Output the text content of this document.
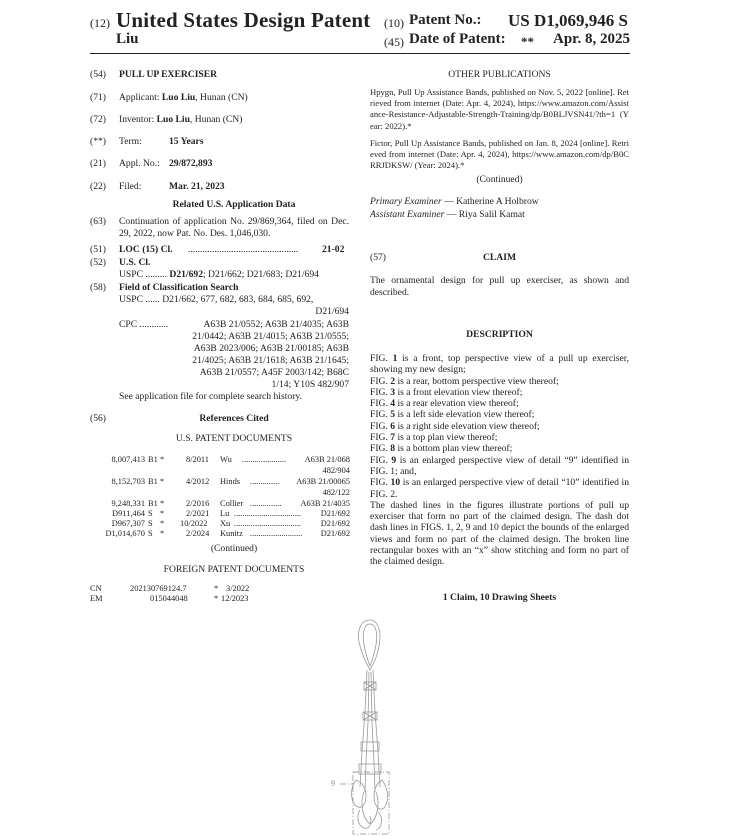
(12) United States Design Patent
Liu
(10) Patent No.: US D1,069,946 S
(45) Date of Patent: ** Apr. 8, 2025
(54) PULL UP EXERCISER
(71) Applicant: Luo Liu, Hunan (CN)
(72) Inventor: Luo Liu, Hunan (CN)
(**) Term:	15 Years
(21) Appl. No.: 29/872,893
(22) Filed:	Mar. 21, 2023
Related U.S. Application Data
(63) Continuation of application No. 29/869,364, filed on Dec. 29, 2022, now Pat. No. Des. 1,046,030.
(51) LOC (15) Cl. .............................................. 21-02
(52) U.S. Cl.
USPC ......... D21/692; D21/662; D21/683; D21/694
(58) Field of Classification Search
USPC ...... D21/662, 677, 682, 683, 684, 685, 692,
D21/694
CPC ............	A63B 21/0552; A63B 21/4035; A63B
21/0442; A63B 21/4015; A63B 21/0555;
A63B 2023/006; A63B 21/00185; A63B
21/4025; A63B 21/1618; A63B 21/1645;
A63B 21/0557; A45F 2003/142; B68C
1/14; Y10S 482/907
See application file for complete search history.
(56)	References Cited
U.S. PATENT DOCUMENTS
8,007,413 B1 *	8/2011 Wu ..................... A63B 21/068
482/904
8,152,703 B1 *	4/2012 Hinds .............. A63B 21/00065
482/122
9,248,331 B1 *	2/2016 Collier ............... A63B 21/4035
D911,464 S *	2/2021 Lu ................................ D21/692
D967,307 S * 10/2022 Xu ................................ D21/692
D1,014,670 S *	2/2024 Kunitz ......................... D21/692
(Continued)
FOREIGN PATENT DOCUMENTS
CN	202130769124.7	* 3/2022
EM	015044048	* 12/2023
OTHER PUBLICATIONS
Hpygn, Pull Up Assistance Bands, published on Nov. 5, 2022 [online]. Retrieved from internet (Date: Apr. 4, 2024), https://www.amazon.com/Assistance-Resistance-Adjustable-Strength-Training/dp/B0BLJVSN41/?th=1 (Year: 2022).*
Fictor, Pull Up Assistance Bands, published on Jan. 8, 2024 [online]. Retrieved from internet (Date: Apr. 4, 2024), https://www.amazon.com/dp/B0CRRJDKSW/ (Year: 2024).*
(Continued)
Primary Examiner — Katherine A Holbrow
Assistant Examiner — Riya Salil Kamat
(57)	CLAIM
The ornamental design for pull up exerciser, as shown and described.
DESCRIPTION
FIG. 1 is a front, top perspective view of a pull up exerciser, showing my new design;
FIG. 2 is a rear, bottom perspective view thereof;
FIG. 3 is a front elevation view thereof;
FIG. 4 is a rear elevation view thereof;
FIG. 5 is a left side elevation view thereof;
FIG. 6 is a right side elevation view thereof;
FIG. 7 is a top plan view thereof;
FIG. 8 is a bottom plan view thereof;
FIG. 9 is an enlarged perspective view of detail “9” identified in FIG. 1; and,
FIG. 10 is an enlarged perspective view of detail “10” identified in FIG. 2.
The dashed lines in the figures illustrate portions of pull up exerciser that form no part of the claimed design. The dash dot dash lines in FIGS. 1, 2, 9 and 10 depict the bounds of the enlarged views and form no part of the claimed design. The broken line rectangular boxes with an “x” show stitching and form no part of the claimed design.
1 Claim, 10 Drawing Sheets
9
